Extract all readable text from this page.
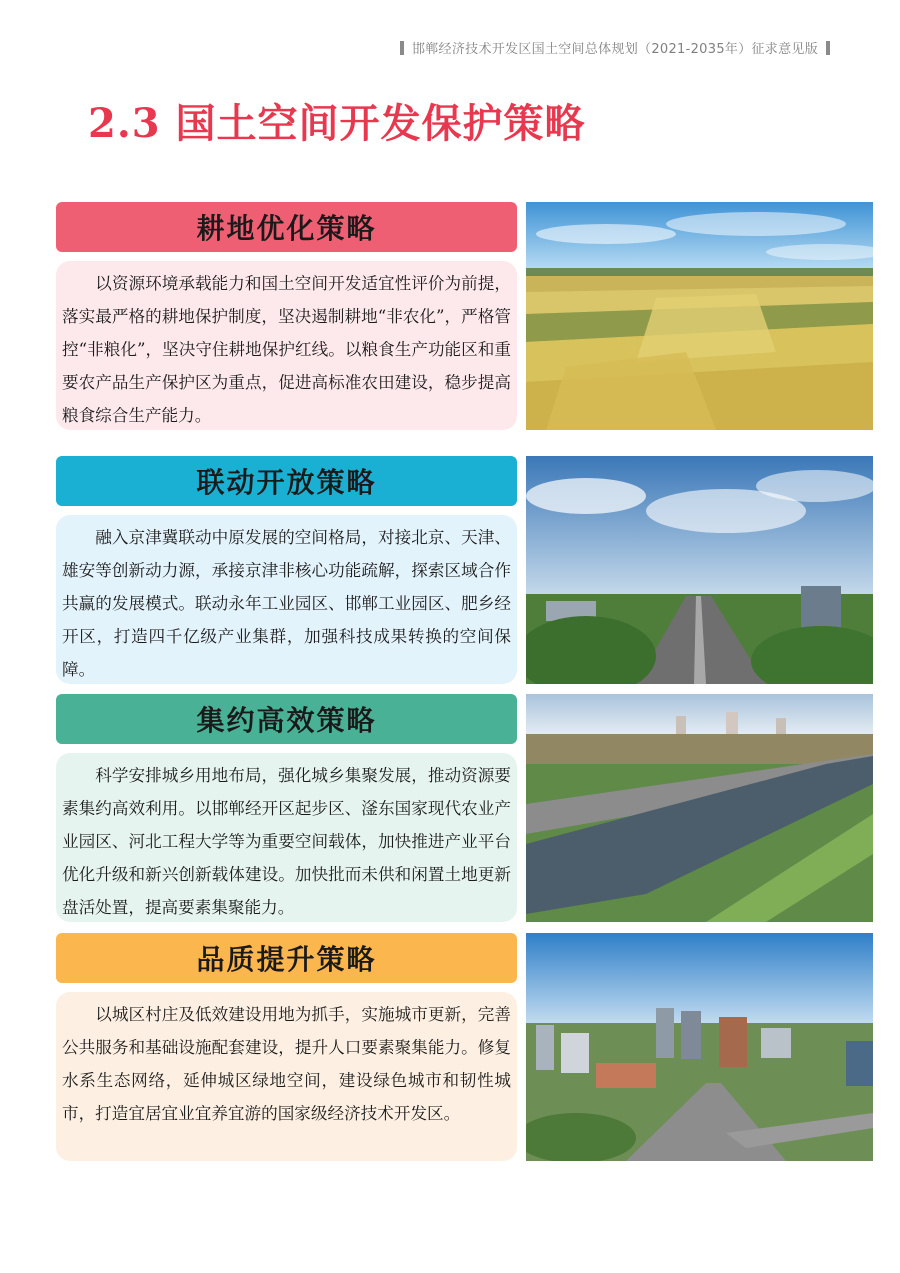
邯郸经济技术开发区国土空间总体规划（2021-2035年）征求意见版
2.3 国土空间开发保护策略
耕地优化策略
以资源环境承载能力和国土空间开发适宜性评价为前提，落实最严格的耕地保护制度，坚决遏制耕地“非农化”，严格管控“非粮化”，坚决守住耕地保护红线。以粮食生产功能区和重要农产品生产保护区为重点，促进高标准农田建设，稳步提高粮食综合生产能力。
联动开放策略
融入京津冀联动中原发展的空间格局，对接北京、天津、雄安等创新动力源，承接京津非核心功能疏解，探索区域合作共赢的发展模式。联动永年工业园区、邯郸工业园区、肥乡经开区，打造四千亿级产业集群，加强科技成果转换的空间保障。
集约高效策略
科学安排城乡用地布局，强化城乡集聚发展，推动资源要素集约高效利用。以邯郸经开区起步区、滏东国家现代农业产业园区、河北工程大学等为重要空间载体，加快推进产业平台优化升级和新兴创新载体建设。加快批而未供和闲置土地更新盘活处置，提高要素集聚能力。
品质提升策略
以城区村庄及低效建设用地为抓手，实施城市更新，完善公共服务和基础设施配套建设，提升人口要素聚集能力。修复水系生态网络，延伸城区绿地空间，建设绿色城市和韧性城市，打造宜居宜业宜养宜游的国家级经济技术开发区。
